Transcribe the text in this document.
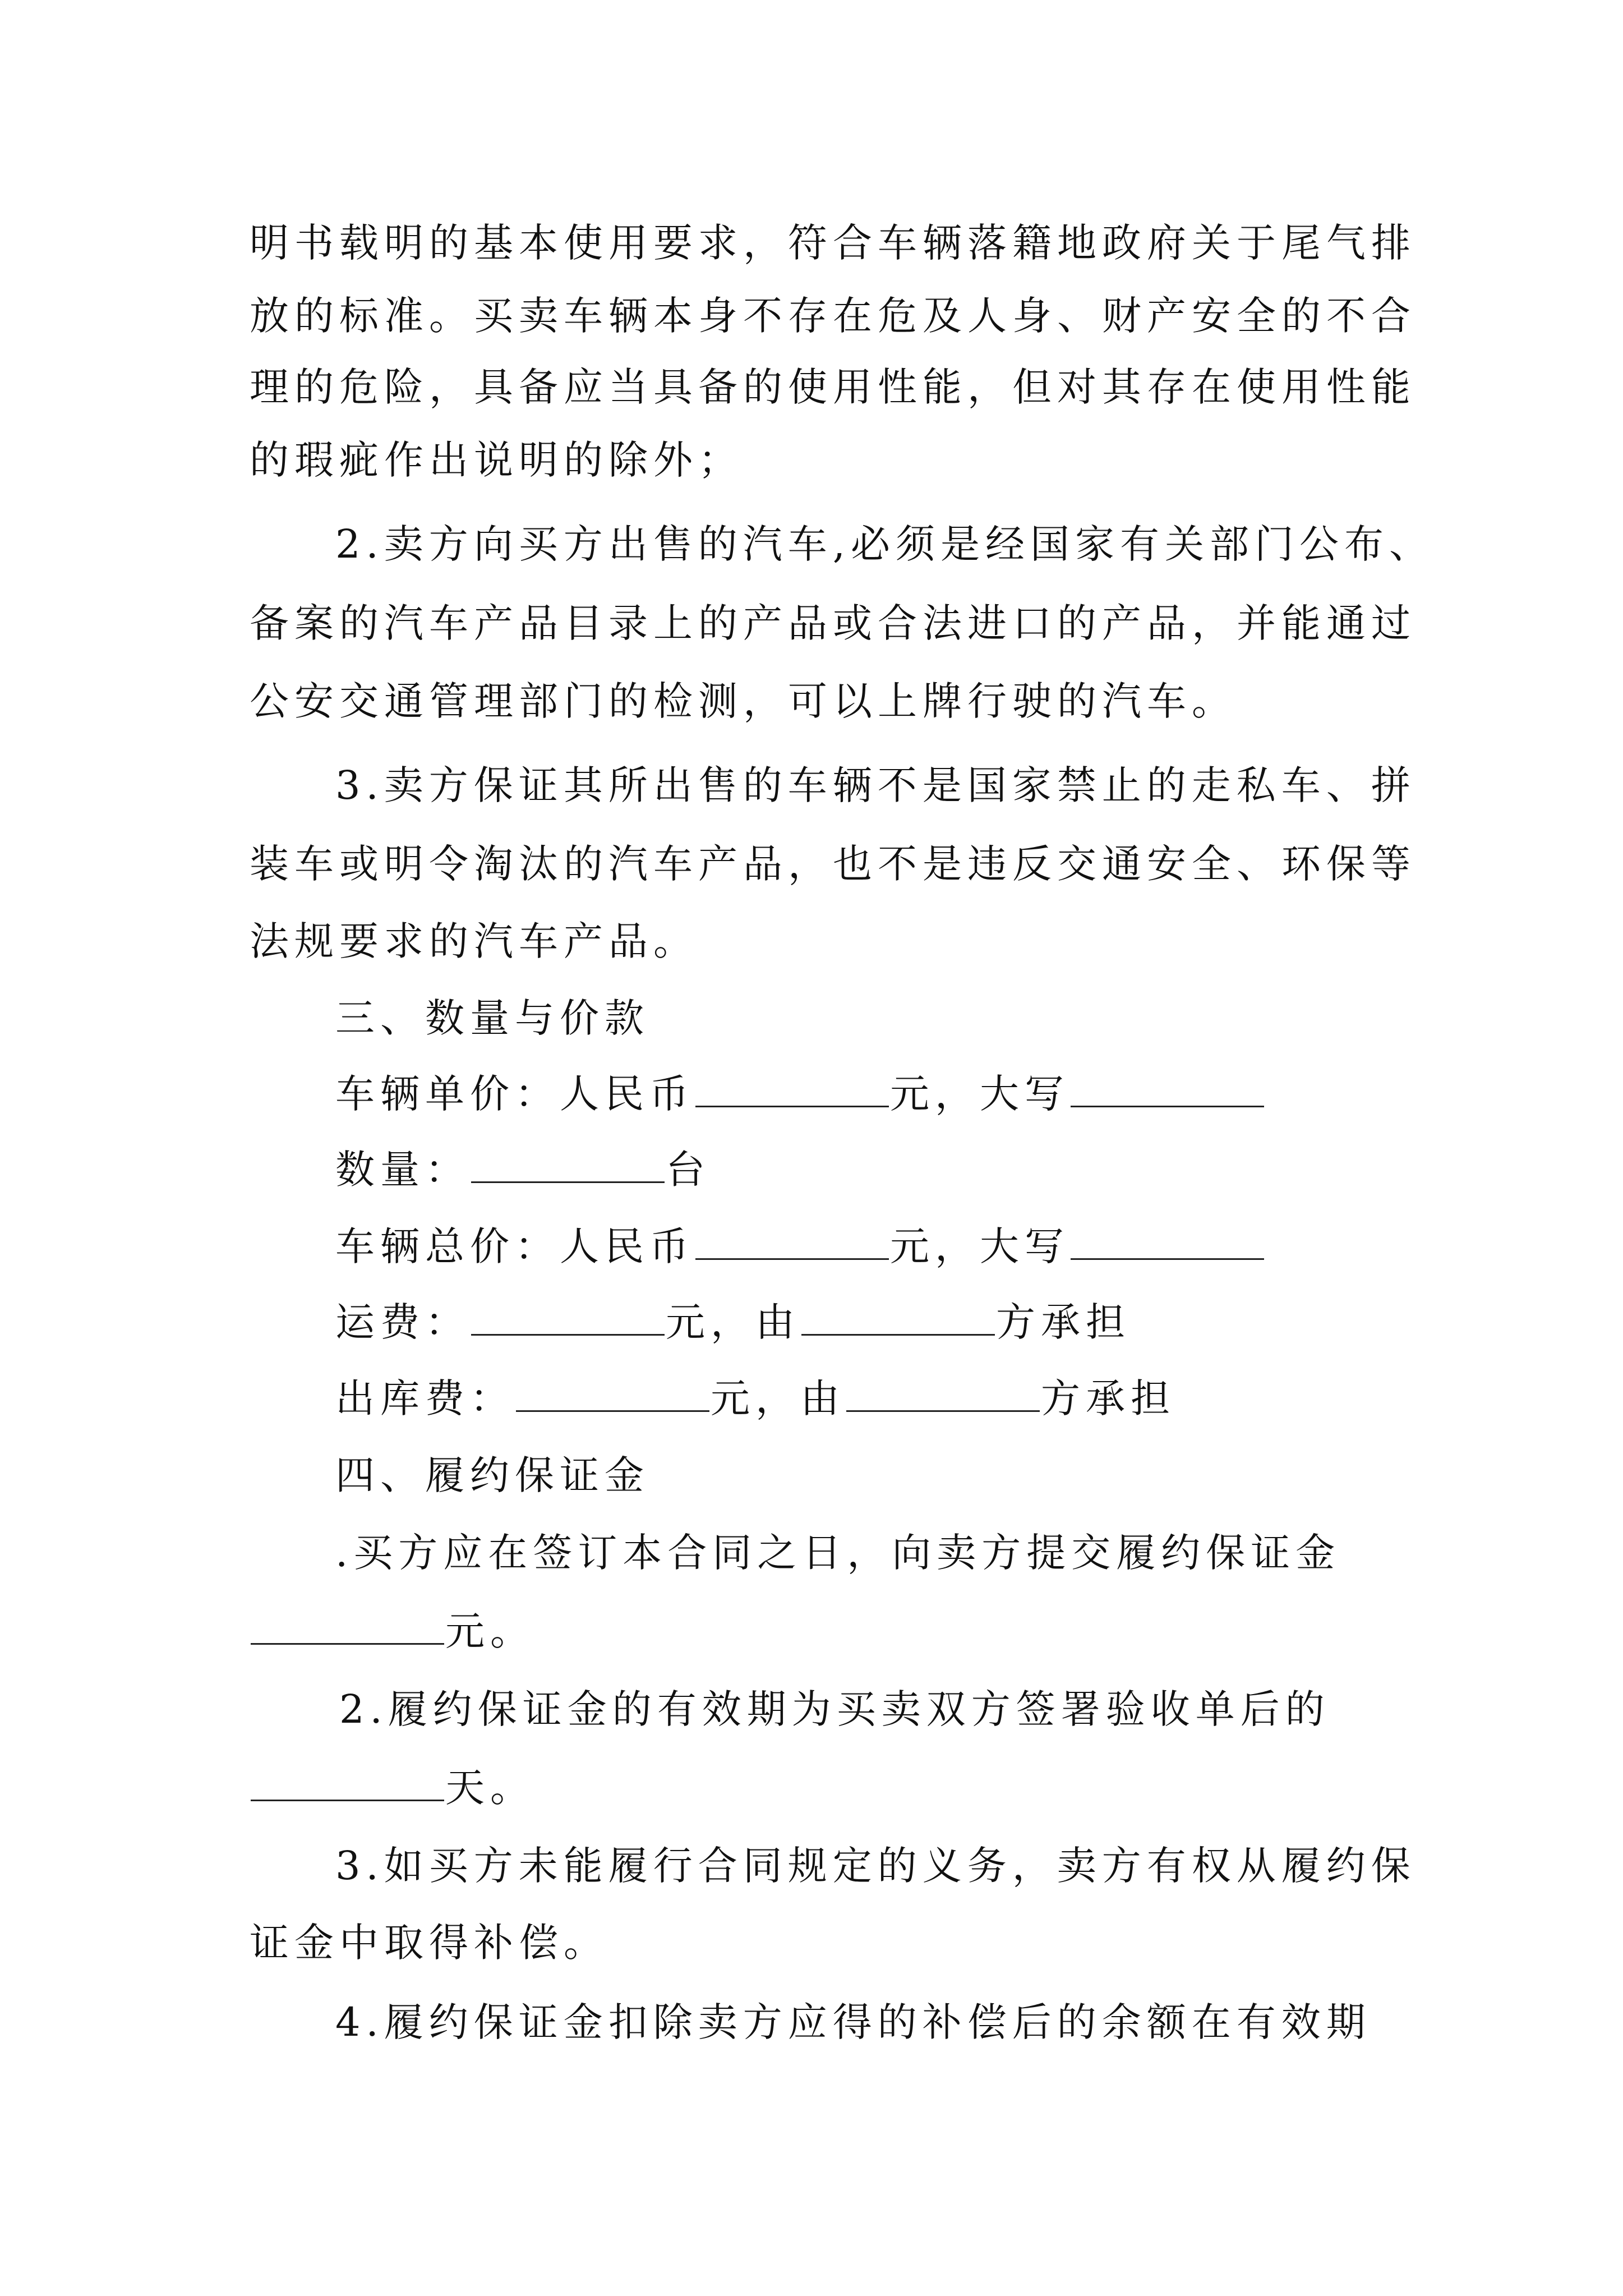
明书载明的基本使用要求，符合车辆落籍地政府关于尾气排
放的标准。买卖车辆本身不存在危及人身、财产安全的不合
理的危险，具备应当具备的使用性能，但对其存在使用性能
的瑕疵作出说明的除外；
2.卖方向买方出售的汽车,必须是经国家有关部门公布、
备案的汽车产品目录上的产品或合法进口的产品，并能通过
公安交通管理部门的检测，可以上牌行驶的汽车。
3.卖方保证其所出售的车辆不是国家禁止的走私车、拼
装车或明令淘汰的汽车产品，也不是违反交通安全、环保等
法规要求的汽车产品。
三、数量与价款
车辆单价：人民币	元，大写
数量：	台
车辆总价：人民币	元，大写
运费：	元，由	方承担
出库费：	元，由	方承担
四、履约保证金
.买方应在签订本合同之日，向卖方提交履约保证金
元。
2.履约保证金的有效期为买卖双方签署验收单后的
天。
3.如买方未能履行合同规定的义务，卖方有权从履约保
证金中取得补偿。
4.履约保证金扣除卖方应得的补偿后的余额在有效期
